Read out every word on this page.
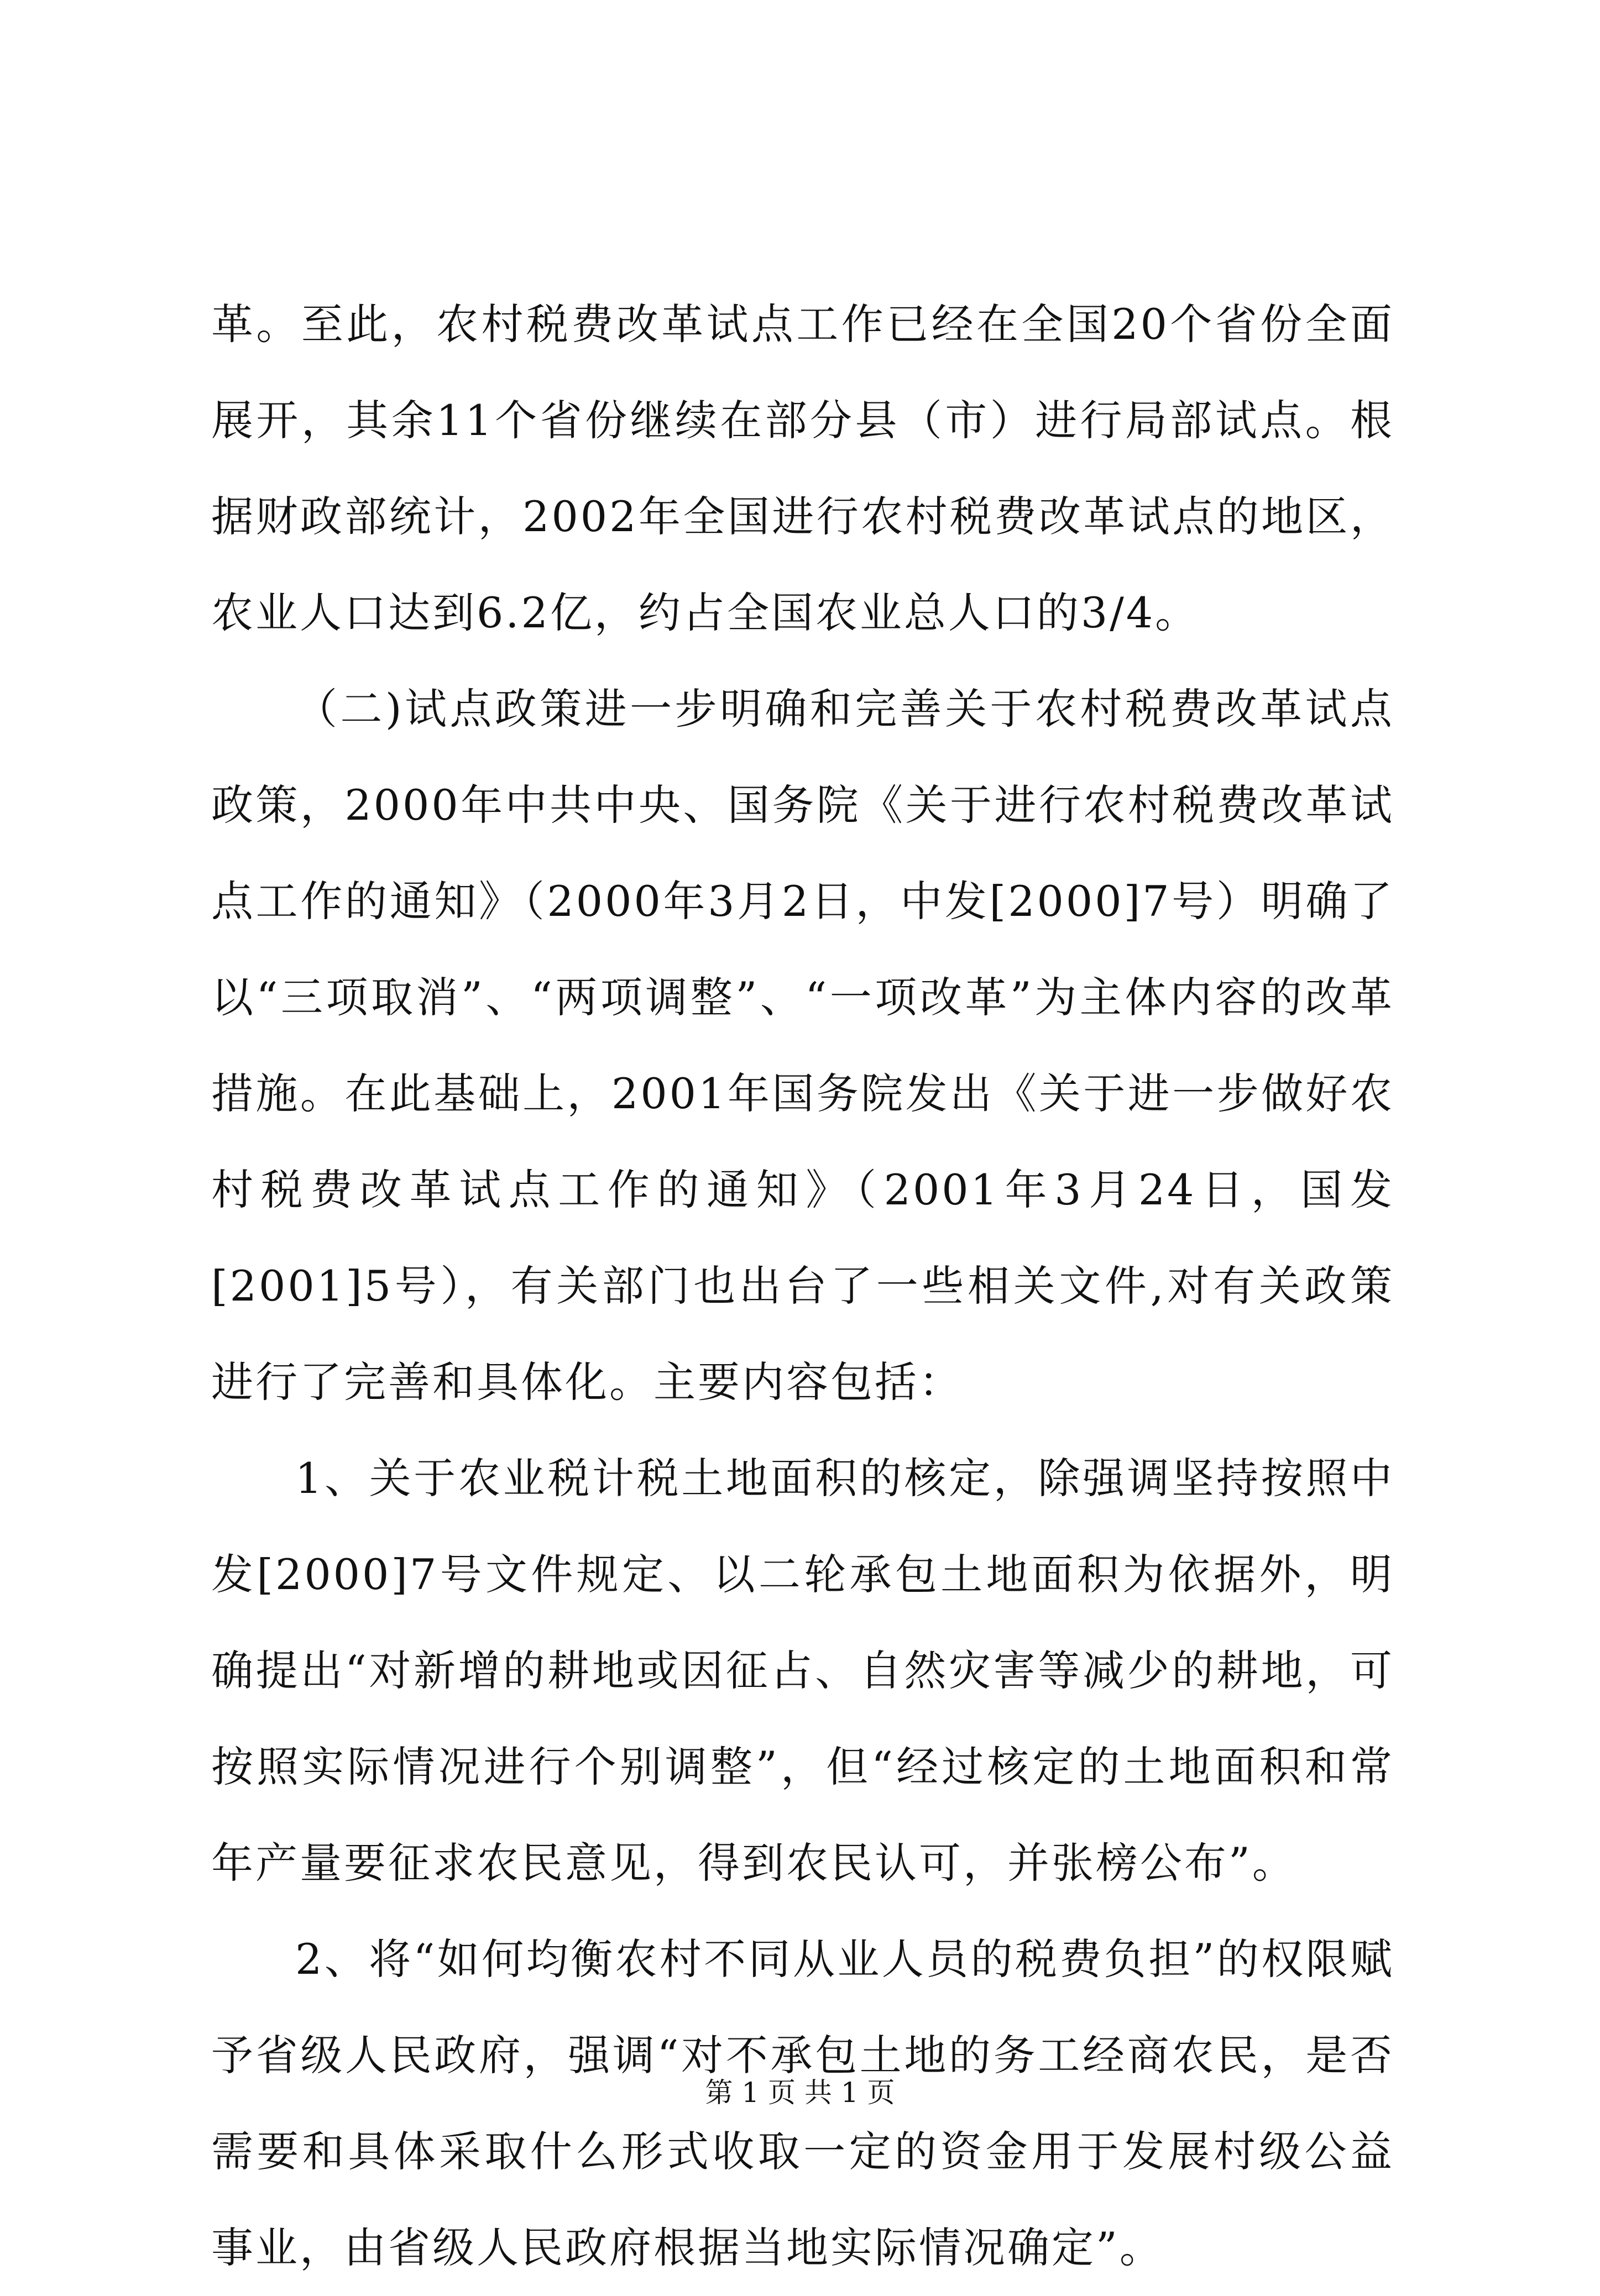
革。至此，农村税费改革试点工作已经在全国20个省份全面展开，其余11个省份继续在部分县（市）进行局部试点。根据财政部统计，2002年全国进行农村税费改革试点的地区，农业人口达到6.2亿，约占全国农业总人口的3/4。

（二)试点政策进一步明确和完善关于农村税费改革试点政策，2000年中共中央、国务院《关于进行农村税费改革试点工作的通知》（2000年3月2日，中发[2000]7号）明确了以“三项取消”、“两项调整”、“一项改革”为主体内容的改革措施。在此基础上，2001年国务院发出《关于进一步做好农村税费改革试点工作的通知》（2001年3月24日，国发[2001]5号），有关部门也出台了一些相关文件,对有关政策进行了完善和具体化。主要内容包括：

1、关于农业税计税土地面积的核定，除强调坚持按照中发[2000]7号文件规定、以二轮承包土地面积为依据外，明确提出“对新增的耕地或因征占、自然灾害等减少的耕地，可按照实际情况进行个别调整”，但“经过核定的土地面积和常年产量要征求农民意见，得到农民认可，并张榜公布”。

2、将“如何均衡农村不同从业人员的税费负担”的权限赋予省级人民政府，强调“对不承包土地的务工经商农民，是否需要和具体采取什么形式收取一定的资金用于发展村级公益事业，由省级人民政府根据当地实际情况确定”。

第 1 页 共 1 页
